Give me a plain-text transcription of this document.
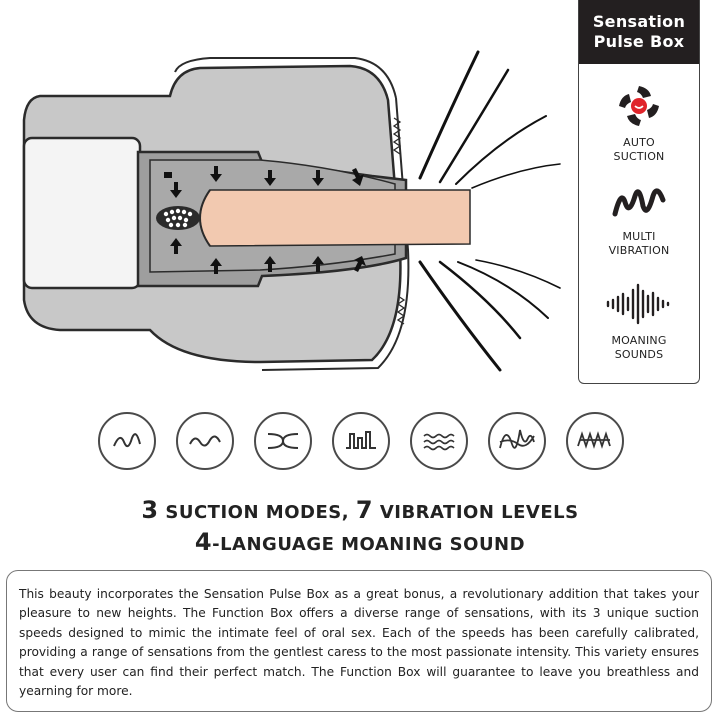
Sensation
Pulse Box
AUTO
SUCTION
MULTI
VIBRATION
MOANING
SOUNDS
3 SUCTION MODES, 7 VIBRATION LEVELS
4-LANGUAGE MOANING SOUND
This beauty incorporates the Sensation Pulse Box as a great bonus, a revolutionary addition that takes your pleasure to new heights. The Function Box offers a diverse range of sensations, with its 3 unique suction speeds designed to mimic the intimate feel of oral sex. Each of the speeds has been carefully calibrated, providing a range of sensations from the gentlest caress to the most passionate intensity. This variety ensures that every user can find their perfect match. The Function Box will guarantee to leave you breathless and yearning for more.
